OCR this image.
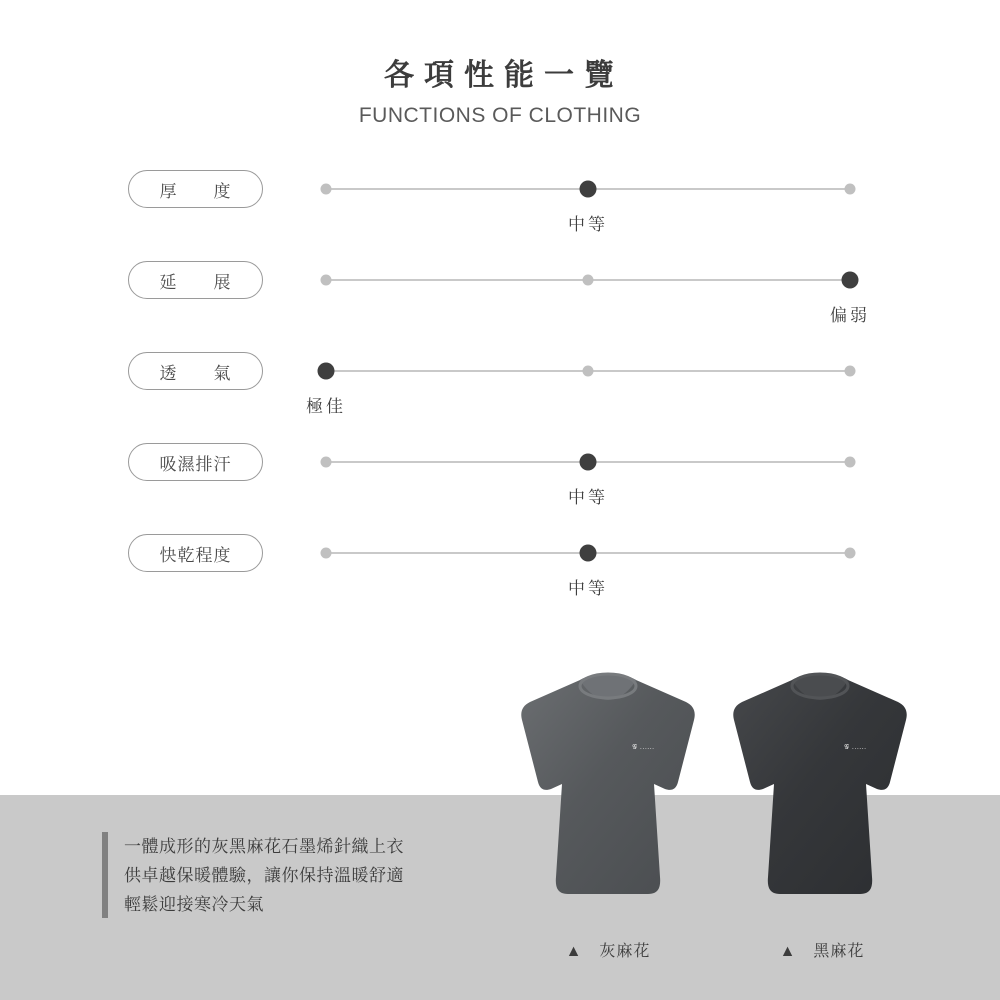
各項性能一覽

FUNCTIONS OF CLOTHING

厚　　度
中等
延　　展
偏弱
透　　氣
極佳
吸濕排汗
中等
快乾程度
中等
𝒢 ......	𝒢 ......
▲　灰麻花	▲　黑麻花
一體成形的灰黑麻花石墨烯針織上衣
供卓越保暖體驗，讓你保持溫暖舒適
輕鬆迎接寒冷天氣
